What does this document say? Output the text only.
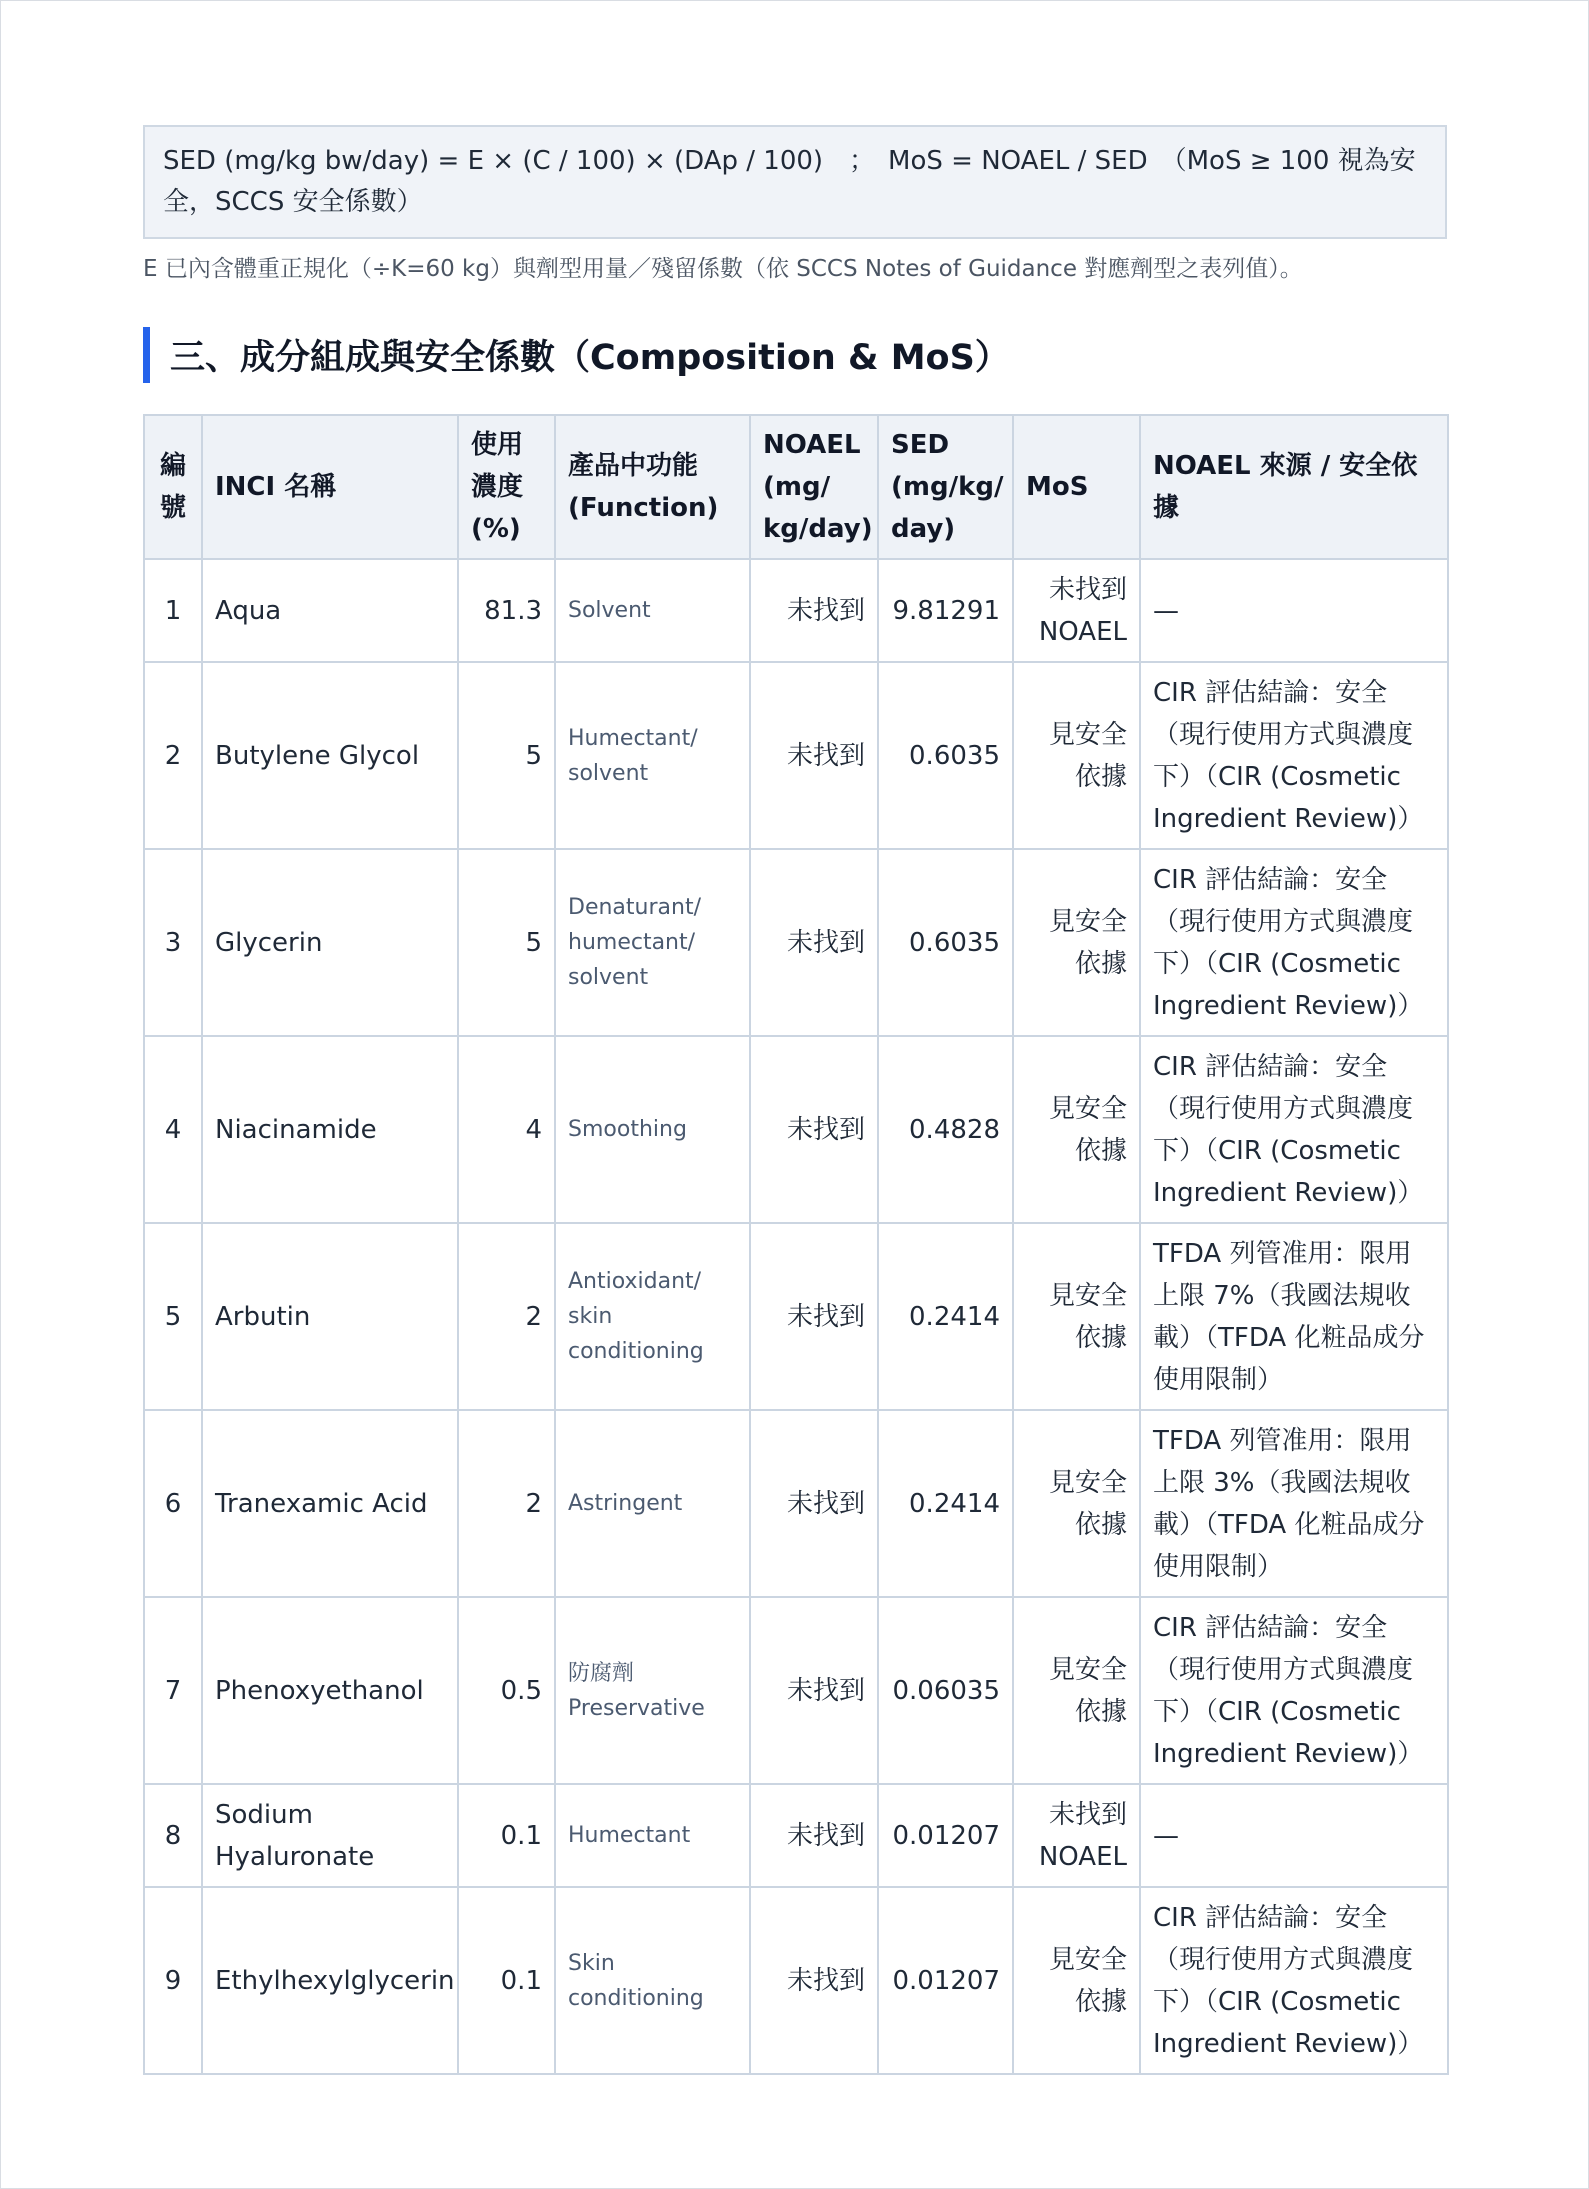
SED (mg/kg bw/day) = E × (C / 100) × (DAp / 100)　；　MoS = NOAEL / SED　（MoS ≥ 100 視為安全，SCCS 安全係數）
E 已內含體重正規化（÷K=60 kg）與劑型用量／殘留係數（依 SCCS Notes of Guidance 對應劑型之表列值）。
三、成分組成與安全係數（Composition & MoS）
編號	INCI 名稱	使用濃度 (%)	產品中功能 (Function)	NOAEL (mg/ kg/day)	SED (mg/kg/ day)	MoS	NOAEL 來源 / 安全依據
1	Aqua	81.3	Solvent	未找到	9.81291	未找到 NOAEL	—
2	Butylene Glycol	5	Humectant/ solvent	未找到	0.6035	見安全依據	CIR 評估結論：安全（現行使用方式與濃度下）（CIR (Cosmetic Ingredient Review)）
3	Glycerin	5	Denaturant/ humectant/ solvent	未找到	0.6035	見安全依據	CIR 評估結論：安全（現行使用方式與濃度下）（CIR (Cosmetic Ingredient Review)）
4	Niacinamide	4	Smoothing	未找到	0.4828	見安全依據	CIR 評估結論：安全（現行使用方式與濃度下）（CIR (Cosmetic Ingredient Review)）
5	Arbutin	2	Antioxidant/ skin conditioning	未找到	0.2414	見安全依據	TFDA 列管准用：限用上限 7%（我國法規收載）（TFDA 化粧品成分使用限制）
6	Tranexamic Acid	2	Astringent	未找到	0.2414	見安全依據	TFDA 列管准用：限用上限 3%（我國法規收載）（TFDA 化粧品成分使用限制）
7	Phenoxyethanol	0.5	防腐劑 Preservative	未找到	0.06035	見安全依據	CIR 評估結論：安全（現行使用方式與濃度下）（CIR (Cosmetic Ingredient Review)）
8	Sodium Hyaluronate	0.1	Humectant	未找到	0.01207	未找到 NOAEL	—
9	Ethylhexylglycerin	0.1	Skin conditioning	未找到	0.01207	見安全依據	CIR 評估結論：安全（現行使用方式與濃度下）（CIR (Cosmetic Ingredient Review)）
